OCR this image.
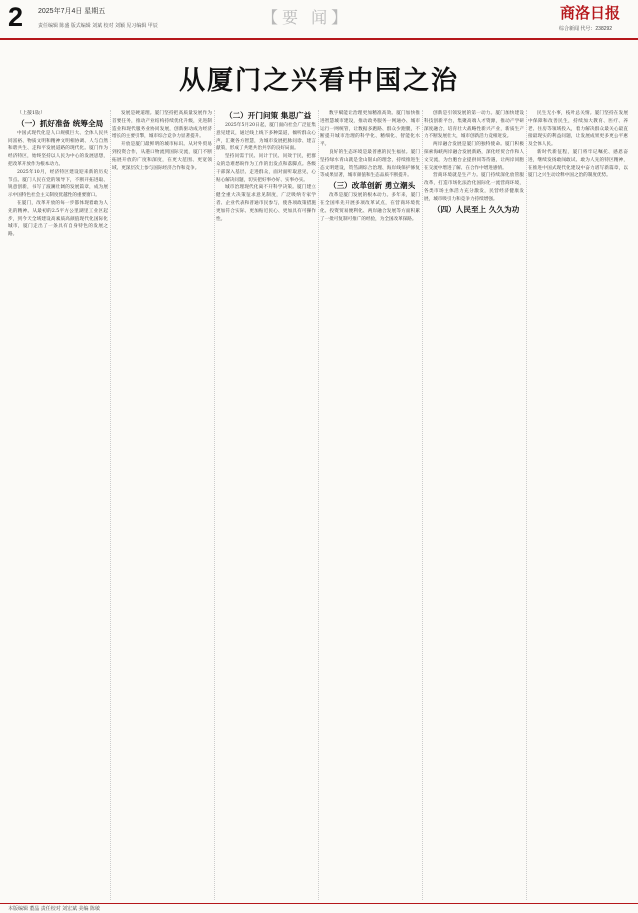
2 2025年7月4日 星期五
责任编辑 陈盛 版式编辑 刘斌 校对 刘颖 见习编辑 甲辰	【要 闻】	商洛日报
综合新闻 代号：238292
从厦门之兴看中国之治

（上接1版）

（一）抓好准备 统筹全局

中国式现代化是人口规模巨大、全体人民共同富裕、物质文明和精神文明相协调、人与自然和谐共生、走和平发展道路的现代化。厦门作为经济特区，始终坚持以人民为中心的发展思想，把改革开放作为根本动力。

2025年10月，经济特区建设迎来新的历史节点。厦门人民在党的领导下，不断开拓进取、锐意创新，书写了波澜壮阔的发展篇章，成为展示中国特色社会主义制度优越性的重要窗口。

在厦门，改革开放的每一步都体现着敢为人先的精神。从最初的2.5平方公里湖里工业区起步，到今天全域建设高素质高颜值现代化国际化城市，厦门走出了一条具有自身特色的发展之路。

发展是硬道理。厦门坚持把高质量发展作为首要任务，推动产业结构持续优化升级，先进制造业和现代服务业协同发展，创新驱动成为经济增长的主要引擎，城市综合竞争力显著提升。

开放是厦门最鲜明的城市标识。从对外贸易到投资合作，从港口物流到国际交流，厦门不断拓展开放的广度和深度，在更大范围、更宽领域、更深层次上参与国际经济合作和竞争。

（二）开门问策 集思广益

2025年5月20日起，厦门面向社会广泛征集意见建议，通过线上线下多种渠道，倾听群众心声，汇聚各方智慧，为城市发展把脉问诊、建言献策，形成了共建共治共享的良好局面。

坚持问需于民、问计于民、问效于民，把群众的急难愁盼作为工作的出发点和落脚点。各级干部深入基层、走进群众，面对面听取意见，心贴心解决问题，切实把好事办好、实事办实。

城市治理现代化离不开科学决策。厦门建立健全重大决策征求意见制度，广泛吸纳专家学者、企业代表和普通市民参与，使各项政策措施更加符合实际、更加贴近民心、更加具有可操作性。

数字赋能让治理更加精准高效。厦门加快推进智慧城市建设，推动政务服务一网通办、城市运行一网统管，让数据多跑路、群众少跑腿，不断提升城市治理的科学化、精细化、智能化水平。

良好的生态环境是最普惠的民生福祉。厦门坚持绿水青山就是金山银山的理念，持续推进生态文明建设，筼筜湖综合治理、海岸线保护修复等成果显著，城市颜值和生态品质不断提升。

（三）改革创新 勇立潮头

改革是厦门发展的根本动力。多年来，厦门在全国率先开展多项改革试点，在营商环境优化、投资贸易便利化、两岸融合发展等方面积累了一批可复制可推广的经验，为全国改革探路。

创新是引领发展的第一动力。厦门加快建设科技创新平台，集聚高端人才资源，推动产学研深度融合，培育壮大战略性新兴产业，新质生产力不断发展壮大，城市创新活力竞相迸发。

两岸融合发展是厦门的独特使命。厦门积极探索海峡两岸融合发展新路，深化经贸合作和人文交流，为台胞台企提供同等待遇，让两岸同胞在交流中增进了解、在合作中增进感情。

营商环境就是生产力。厦门持续深化放管服改革，打造市场化法治化国际化一流营商环境，各类市场主体活力充分激发，民营经济健康发展，城市吸引力和竞争力持续增强。

（四）人民至上 久久为功

民生无小事，枝叶总关情。厦门坚持在发展中保障和改善民生，持续加大教育、医疗、养老、住房等领域投入，着力解决群众最关心最直接最现实的利益问题，让发展成果更多更公平惠及全体人民。

新时代新征程，厦门将牢记嘱托、感恩奋进，继续发扬敢闯敢试、敢为人先的特区精神，在推进中国式现代化建设中奋力谱写新篇章，以厦门之兴生动诠释中国之治的制度优势。

本版编辑 董晶 责任校对 刘宏斌 美编 陈敏
